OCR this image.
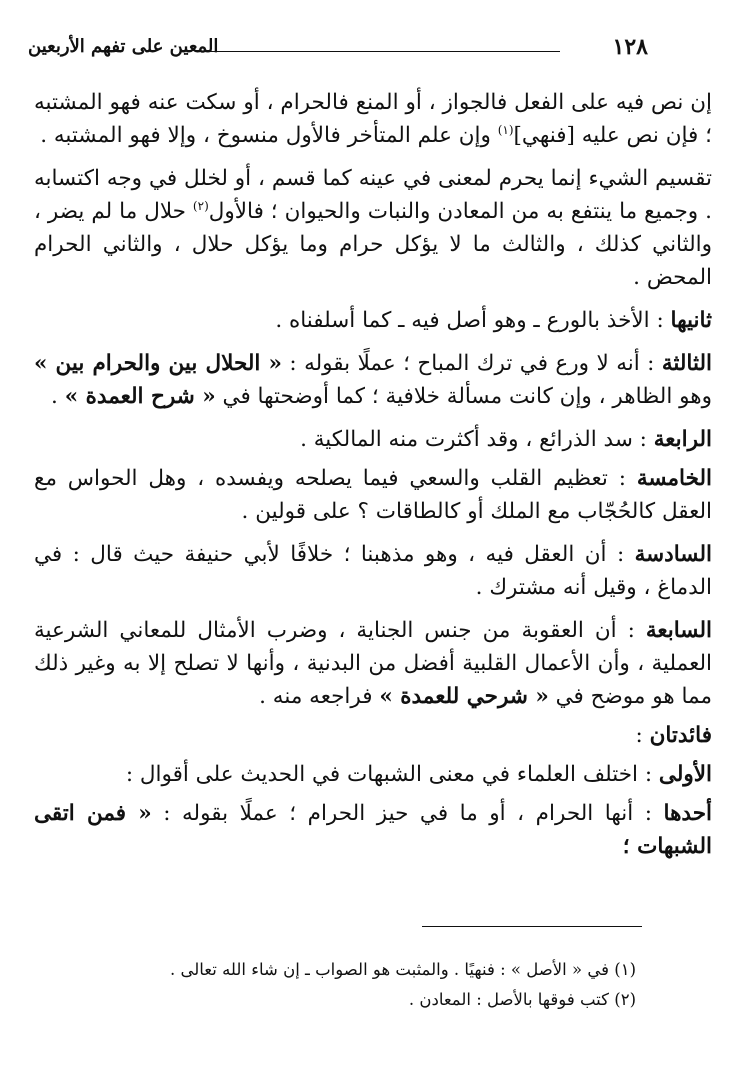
١٢٨
المعين على تفهم الأربعين

إن نص فيه على الفعل فالجواز ، أو المنع فالحرام ، أو سكت عنه فهو المشتبه ؛ فإن نص عليه [فنهي]$^{(١)}$ وإن علم المتأخر فالأول منسوخ ، وإلا فهو المشتبه .

تقسيم الشيء إنما يحرم لمعنى في عينه كما قسم ، أو لخلل في وجه اكتسابه . وجميع ما ينتفع به من المعادن والنبات والحيوان ؛ فالأول$^{(٢)}$ حلال ما لم يضر ، والثاني كذلك ، والثالث ما لا يؤكل حرام وما يؤكل حلال ، والثاني الحرام المحض .

ثانيها : الأخذ بالورع ـ وهو أصل فيه ـ كما أسلفناه .

الثالثة : أنه لا ورع في ترك المباح ؛ عملًا بقوله : « الحلال بين والحرام بين » وهو الظاهر ، وإن كانت مسألة خلافية ؛ كما أوضحتها في « شرح العمدة » .

الرابعة : سد الذرائع ، وقد أكثرت منه المالكية .

الخامسة : تعظيم القلب والسعي فيما يصلحه ويفسده ، وهل الحواس مع العقل كالحُجّاب مع الملك أو كالطاقات ؟ على قولين .

السادسة : أن العقل فيه ، وهو مذهبنا ؛ خلافًا لأبي حنيفة حيث قال : في الدماغ ، وقيل أنه مشترك .

السابعة : أن العقوبة من جنس الجناية ، وضرب الأمثال للمعاني الشرعية العملية ، وأن الأعمال القلبية أفضل من البدنية ، وأنها لا تصلح إلا به وغير ذلك مما هو موضح في « شرحي للعمدة » فراجعه منه .

فائدتان :

الأولى : اختلف العلماء في معنى الشبهات في الحديث على أقوال :

أحدها : أنها الحرام ، أو ما في حيز الحرام ؛ عملًا بقوله : « فمن اتقى الشبهات ؛

(١) في « الأصل » : فنهيًا . والمثبت هو الصواب ـ إن شاء الله تعالى .
(٢) كتب فوقها بالأصل : المعادن .
